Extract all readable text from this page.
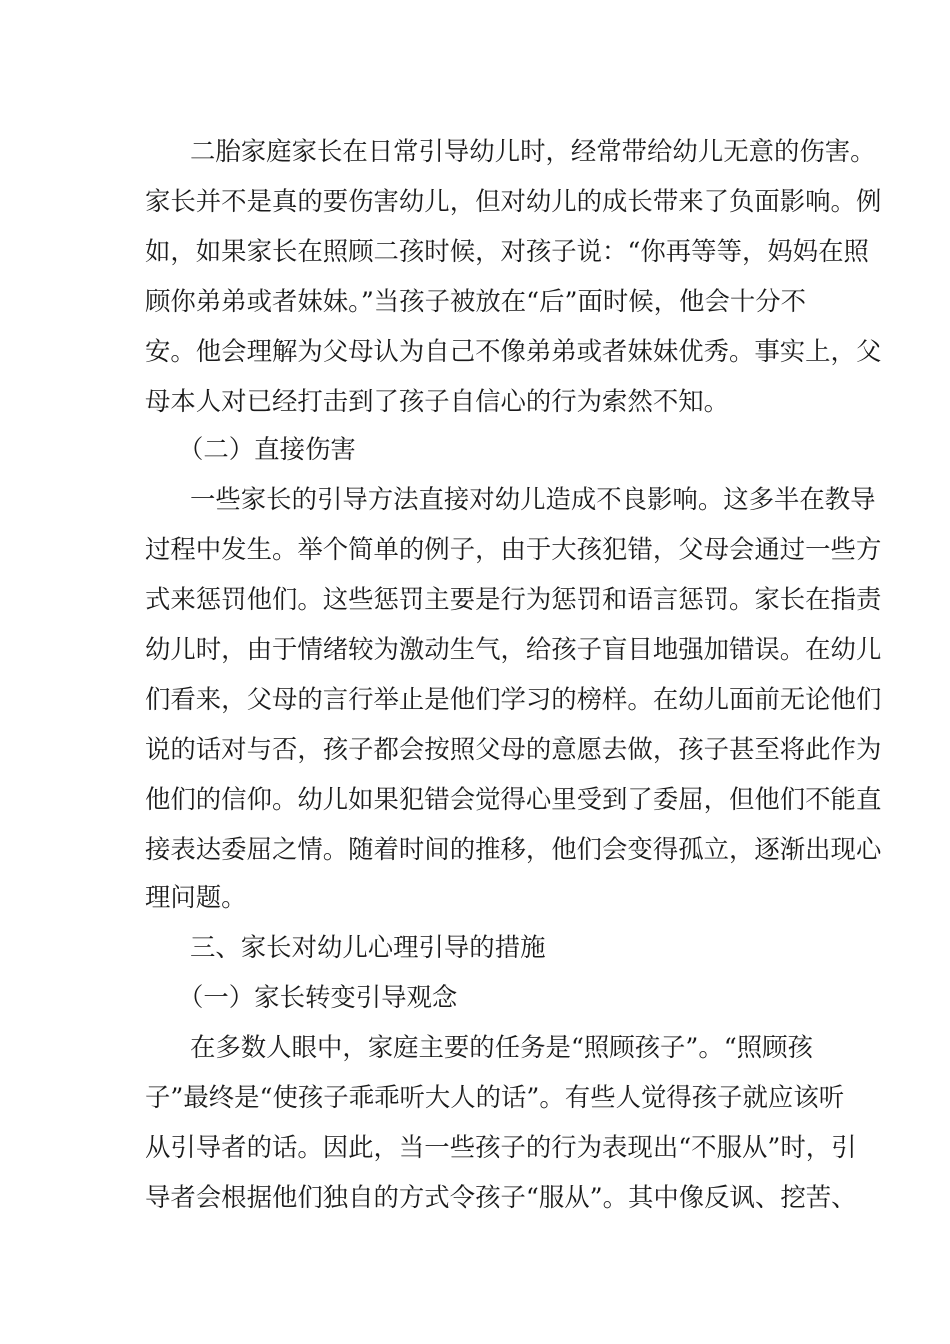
二胎家庭家长在日常引导幼儿时，经常带给幼儿无意的伤害。
家长并不是真的要伤害幼儿，但对幼儿的成长带来了负面影响。例
如，如果家长在照顾二孩时候，对孩子说：“你再等等，妈妈在照
顾你弟弟或者妹妹。”当孩子被放在“后”面时候，他会十分不
安。他会理解为父母认为自己不像弟弟或者妹妹优秀。事实上，父
母本人对已经打击到了孩子自信心的行为索然不知。
（二）直接伤害
一些家长的引导方法直接对幼儿造成不良影响。这多半在教导
过程中发生。举个简单的例子，由于大孩犯错，父母会通过一些方
式来惩罚他们。这些惩罚主要是行为惩罚和语言惩罚。家长在指责
幼儿时，由于情绪较为激动生气，给孩子盲目地强加错误。在幼儿
们看来，父母的言行举止是他们学习的榜样。在幼儿面前无论他们
说的话对与否，孩子都会按照父母的意愿去做，孩子甚至将此作为
他们的信仰。幼儿如果犯错会觉得心里受到了委屈，但他们不能直
接表达委屈之情。随着时间的推移，他们会变得孤立，逐渐出现心
理问题。
三、家长对幼儿心理引导的措施
（一）家长转变引导观念
在多数人眼中，家庭主要的任务是“照顾孩子”。“照顾孩
子”最终是“使孩子乖乖听大人的话”。有些人觉得孩子就应该听
从引导者的话。因此，当一些孩子的行为表现出“不服从”时，引
导者会根据他们独自的方式令孩子“服从”。其中像反讽、挖苦、
